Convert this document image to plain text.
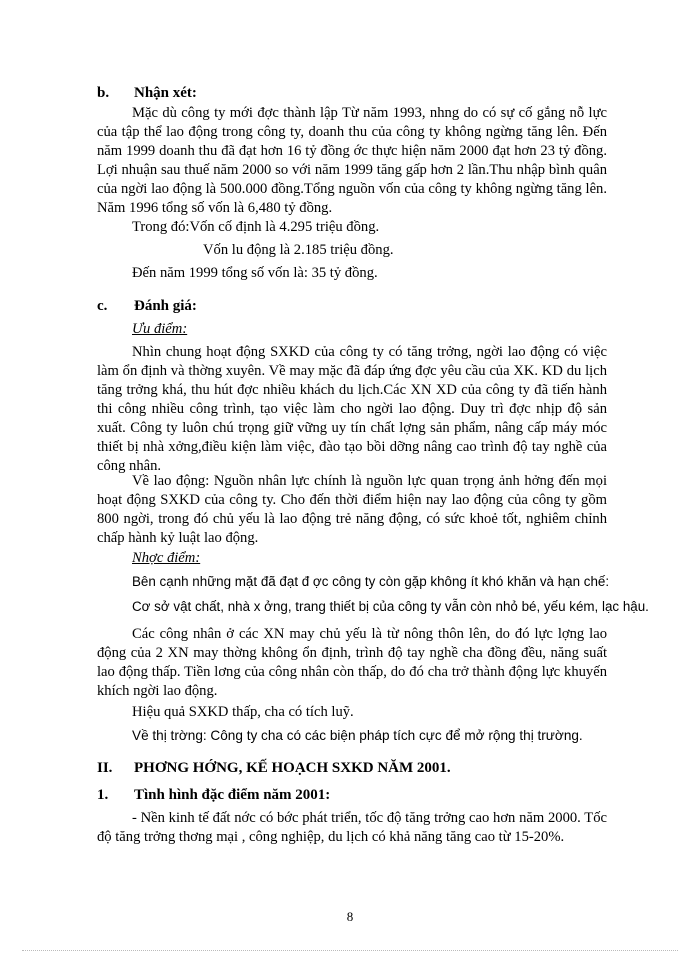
b. Nhận xét:
Mặc dù công ty mới đợc thành lập Từ năm 1993, nhng do có sự cố gắng nỗ lực của tập thể lao động trong công ty, doanh thu của công ty không ngừng tăng lên. Đến năm 1999 doanh thu đã đạt hơn 16 tỷ đồng ớc thực hiện năm 2000 đạt hơn 23 tỷ đồng. Lợi nhuận sau thuế năm 2000 so với năm 1999 tăng gấp hơn 2 lần.Thu nhập bình quân của ngời lao động là 500.000 đồng.Tổng nguồn vốn của công ty không ngừng tăng lên. Năm 1996 tổng số vốn là 6,480 tỷ đồng.
Trong đó:Vốn cố định là 4.295 triệu đồng.
Vốn lu động là 2.185 triệu đồng.
Đến năm 1999 tổng số vốn là: 35 tỷ đồng.
c. Đánh giá:
Ưu điểm:
Nhìn chung hoạt động SXKD của công ty có tăng trởng, ngời lao động có việc làm ổn định và thờng xuyên. Về may mặc đã đáp ứng đợc yêu cầu của XK. KD du lịch tăng trởng khá, thu hút đợc nhiều khách du lịch.Các XN XD của công ty đã tiến hành thi công nhiều công trình, tạo việc làm cho ngời lao động. Duy trì đợc nhịp độ sản xuất. Công ty luôn chú trọng giữ vững uy tín chất lợng sản phẩm, nâng cấp máy móc thiết bị nhà xởng,điều kiện làm việc, đào tạo bồi dỡng nâng cao trình độ tay nghề của công nhân.
Về lao động: Nguồn nhân lực chính là nguồn lực quan trọng ảnh hởng đến mọi hoạt động SXKD của công ty. Cho đến thời điểm hiện nay lao động của công ty gồm 800 ngời, trong đó chủ yếu là lao động trẻ năng động, có sức khoẻ tốt, nghiêm chỉnh chấp hành kỷ luật lao động.
Nhợc điểm:
Bên cạnh những mặt đã đạt đ ợc công ty còn gặp không ít khó khăn và hạn chế:
Cơ sở vật chất, nhà x ởng, trang thiết bị của công ty vẫn còn nhỏ bé, yếu kém, lạc hậu.
Các công nhân ở các XN may chủ yếu là từ nông thôn lên, do đó lực lợng lao động của 2 XN may thờng không ổn định, trình độ tay nghề cha đồng đều, năng suất lao động thấp. Tiền lơng của công nhân còn thấp, do đó cha trở thành động lực khuyến khích ngời lao động.
Hiệu quả SXKD thấp, cha có tích luỹ.
Về thị trờng: Công ty cha có các biện pháp tích cực để mở rộng thị trường.
II. PHƠNG HỚNG, KẾ HOẠCH SXKD NĂM 2001.
1. Tình hình đặc điểm năm 2001:
- Nền kinh tế đất nớc có bớc phát triển, tốc độ tăng trởng cao hơn năm 2000. Tốc độ tăng trởng thơng mại , công nghiệp, du lịch có khả năng tăng cao từ 15-20%.
8
